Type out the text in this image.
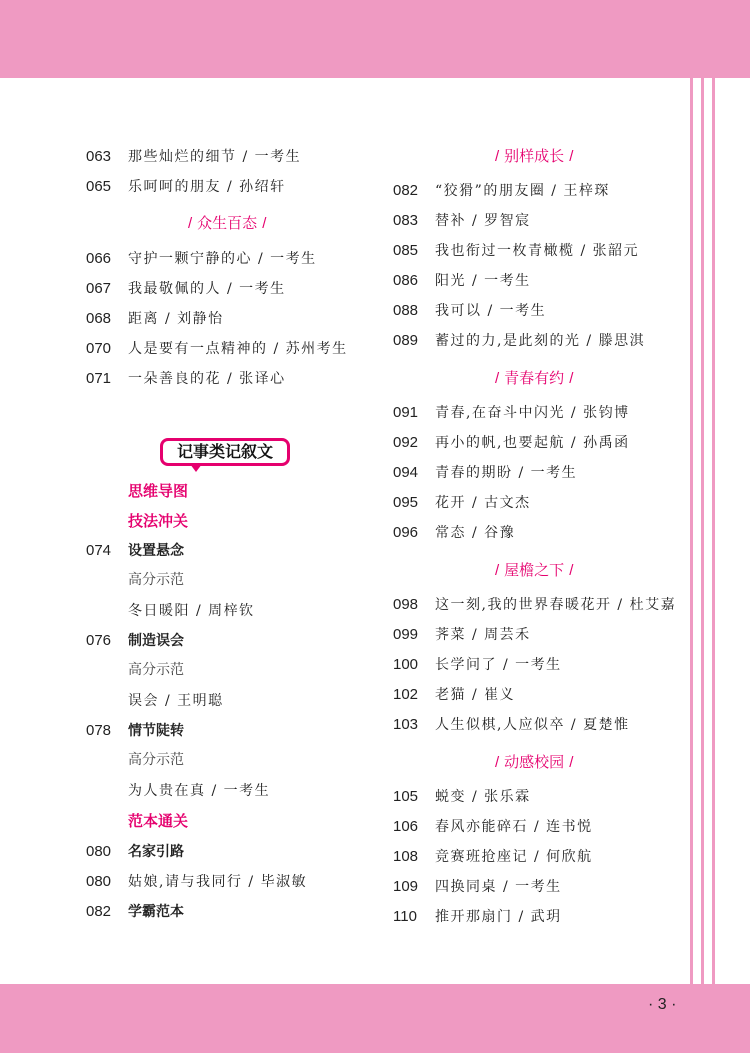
063 那些灿烂的细节 / 一考生
065 乐呵呵的朋友 / 孙绍轩
/ 众生百态 /
066 守护一颗宁静的心 / 一考生
067 我最敬佩的人 / 一考生
068 距离 / 刘静怡
070 人是要有一点精神的 / 苏州考生
071 一朵善良的花 / 张译心
记事类记叙文
思维导图
技法冲关
074 设置悬念
高分示范
冬日暖阳 / 周梓钦
076 制造误会
高分示范
误会 / 王明聪
078 情节陡转
高分示范
为人贵在真 / 一考生
范本通关
080 名家引路
080 姑娘,请与我同行 / 毕淑敏
082 学霸范本
/ 别样成长 /
082 “狡猾”的朋友圈 / 王梓琛
083 替补 / 罗智宸
085 我也衔过一枚青橄榄 / 张韶元
086 阳光 / 一考生
088 我可以 / 一考生
089 蓄过的力,是此刻的光 / 滕思淇
/ 青春有约 /
091 青春,在奋斗中闪光 / 张钧博
092 再小的帆,也要起航 / 孙禹函
094 青春的期盼 / 一考生
095 花开 / 古文杰
096 常态 / 谷豫
/ 屋檐之下 /
098 这一刻,我的世界春暖花开 / 杜艾嘉
099 荠菜 / 周芸禾
100 长学问了 / 一考生
102 老猫 / 崔义
103 人生似棋,人应似卒 / 夏楚惟
/ 动感校园 /
105 蜕变 / 张乐霖
106 春风亦能碎石 / 连书悦
108 竞赛班抢座记 / 何欣航
109 四换同桌 / 一考生
110 推开那扇门 / 武玥
· 3 ·
